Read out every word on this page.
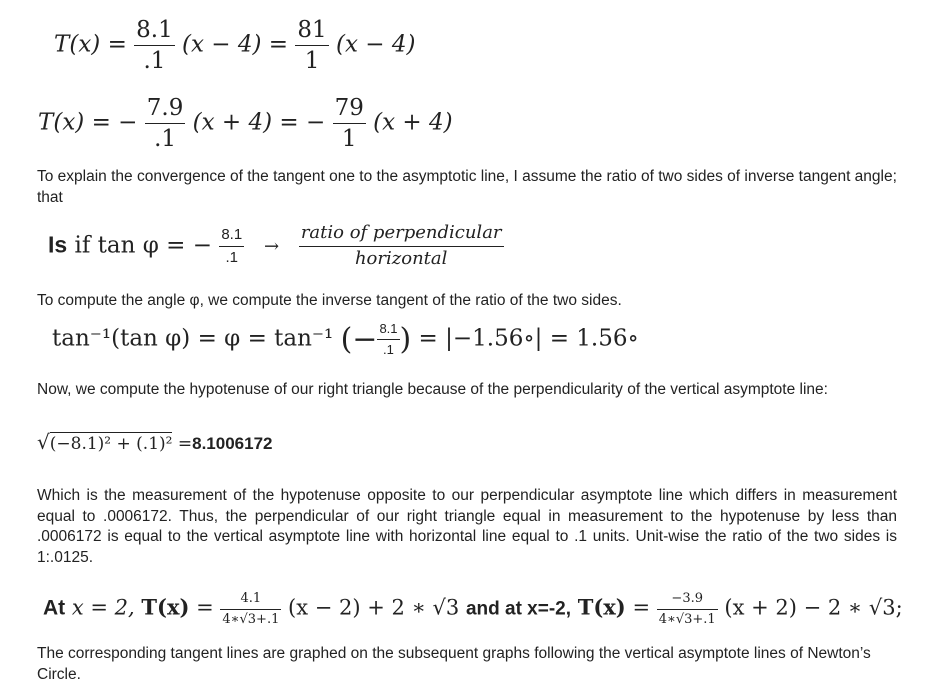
$T(x) = \frac{8.1}{.1} (x - 4) = \frac{81}{1} (x - 4)$
T(x) = − $\frac{7.9}{.1} (x + 4)$ = − $\frac{79}{1} (x + 4)$
To explain the convergence of the tangent one to the asymptotic line, I assume the ratio of two sides of inverse tangent angle; that
Is if tan φ = − $\frac{8.1}{.1} \to \frac{\text{ratio of perpendicular}}{\text{horizontal}}$
To compute the angle φ, we compute the inverse tangent of the ratio of the two sides.
tan⁻¹(tan φ) = φ = tan⁻¹ (− $\frac{8.1}{.1}$ ) = |−1.56∘| = 1.56∘
Now, we compute the hypotenuse of our right triangle because of the perpendicularity of the vertical asymptote line:
√(−8.1)² + (.1)² =8.1006172
Which is the measurement of the hypotenuse opposite to our perpendicular asymptote line which differs in measurement equal to .0006172. Thus, the perpendicular of our right triangle equal in measurement to the hypotenuse by less than .0006172 is equal to the vertical asymptote line with horizontal line equal to .1 units. Unit-wise the ratio of the two sides is 1:.0125.
At x = 2, $T(x) = \frac{4.1}{4∗√3+.1} (x - 2) + 2$ ∗ √3 and at x=-2, $T(x) = \frac{-3.9}{4∗√3+.1} (x + 2) - 2$ ∗ √3;
The corresponding tangent lines are graphed on the subsequent graphs following the vertical asymptote lines of Newton’s Circle.
